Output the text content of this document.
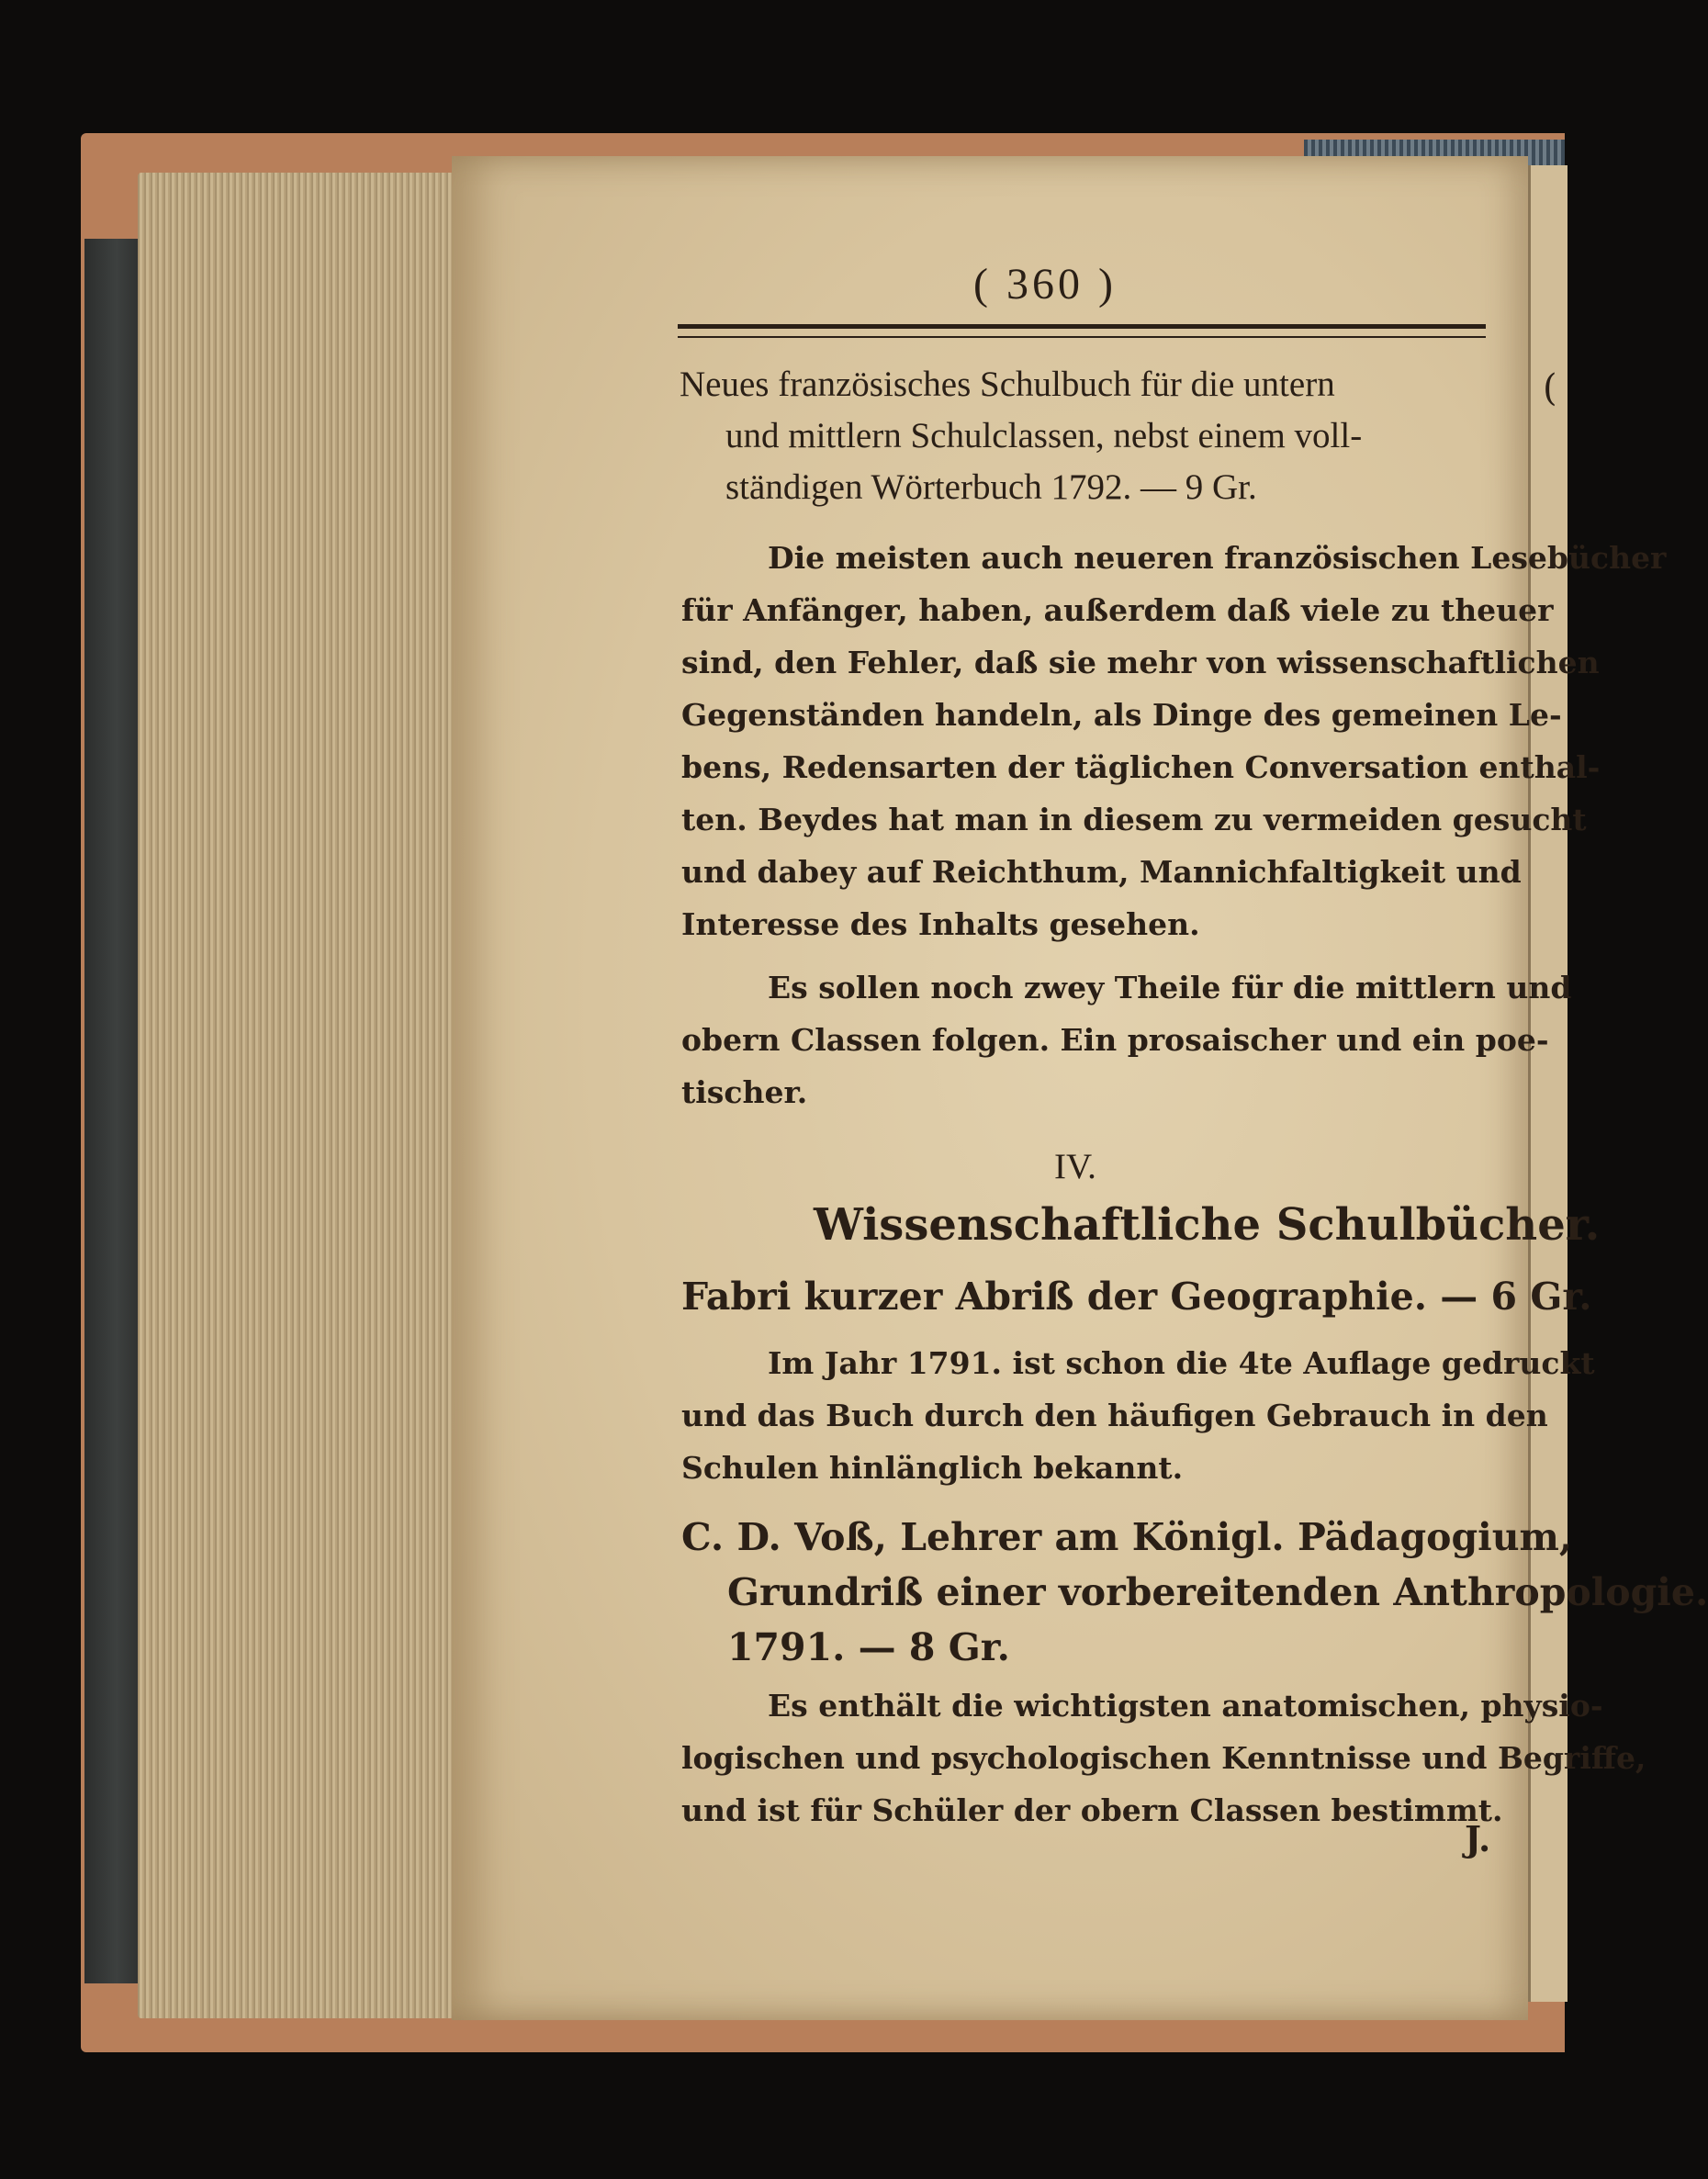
(
( 360 )
Neues französisches Schulbuch für die untern
und mittlern Schulclassen, nebst einem voll-
ständigen Wörterbuch 1792. — 9 Gr.
Die meisten auch neueren französischen Lesebücher
für Anfänger, haben, außerdem daß viele zu theuer
sind, den Fehler, daß sie mehr von wissenschaftlichen
Gegenständen handeln, als Dinge des gemeinen Le-
bens, Redensarten der täglichen Conversation enthal-
ten. Beydes hat man in diesem zu vermeiden gesucht
und dabey auf Reichthum, Mannichfaltigkeit und
Interesse des Inhalts gesehen.
Es sollen noch zwey Theile für die mittlern und
obern Classen folgen. Ein prosaischer und ein poe-
tischer.
IV.
Wissenschaftliche Schulbücher.
Fabri kurzer Abriß der Geographie. — 6 Gr.
Im Jahr 1791. ist schon die 4te Auflage gedruckt
und das Buch durch den häufigen Gebrauch in den
Schulen hinlänglich bekannt.
C. D. Voß, Lehrer am Königl. Pädagogium,
Grundriß einer vorbereitenden Anthropologie.
1791. — 8 Gr.
Es enthält die wichtigsten anatomischen, physio-
logischen und psychologischen Kenntnisse und Begriffe,
und ist für Schüler der obern Classen bestimmt.
J.
